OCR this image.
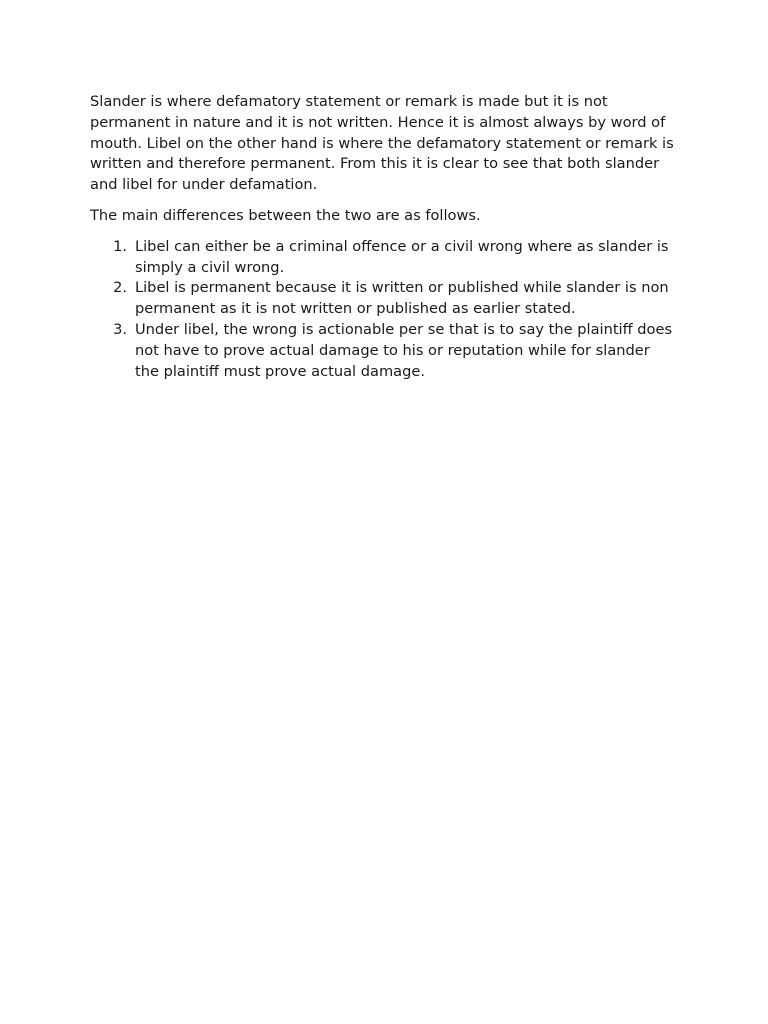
Slander is where defamatory statement or remark is made but it is not permanent in nature and it is not written. Hence it is almost always by word of mouth. Libel on the other hand is where the defamatory statement or remark is written and therefore permanent. From this it is clear to see that both slander and libel for under defamation.

The main differences between the two are as follows.

1. Libel can either be a criminal offence or a civil wrong where as slander is simply a civil wrong.
2. Libel is permanent because it is written or published while slander is non permanent as it is not written or published as earlier stated.
3. Under libel, the wrong is actionable per se that is to say the plaintiff does not have to prove actual damage to his or reputation while for slander the plaintiff must prove actual damage.
